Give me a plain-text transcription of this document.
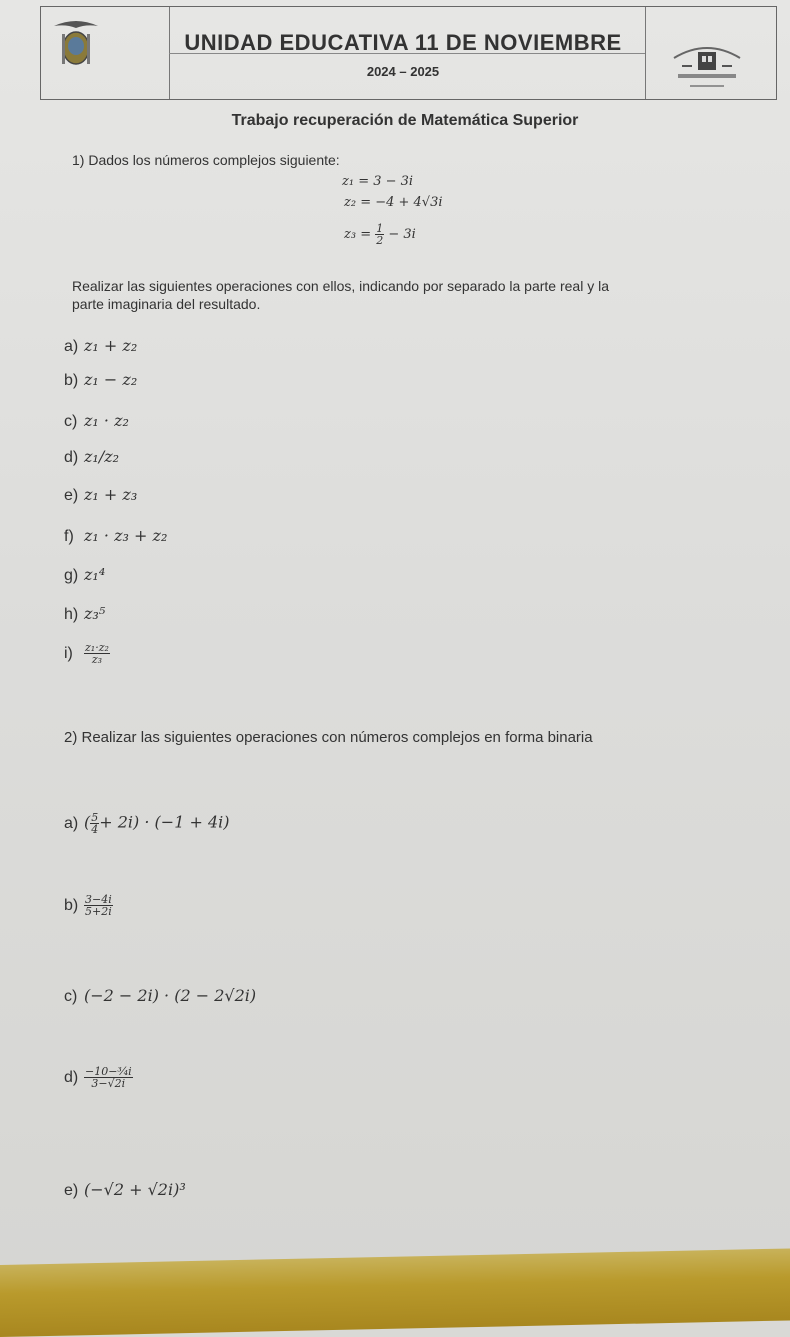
UNIDAD EDUCATIVA 11 DE NOVIEMBRE
2024 – 2025
Trabajo recuperación de Matemática Superior
1) Dados los números complejos siguiente:
z₁ = 3 − 3i
z₂ = −4 + 4√3i
$z_3 = \frac{1}{2} - 3i$
Realizar las siguientes operaciones con ellos, indicando por separado la parte real y la
parte imaginaria del resultado.
a) z₁ + z₂
b) z₁ − z₂
c) z₁ · z₂
d) z₁/z₂
e) z₁ + z₃
f) z₁ · z₃ + z₂
g) z₁⁴
h) z₃⁵
$i) \frac{\text{z₁·z₂}}{\text{z₃}}$
2) Realizar las siguientes operaciones con números complejos en forma binaria
a) ( $\frac{5}{4} + 2i) \cdot (-1 + 4i)$
$b) \frac{3-4i}{5+2i}$
c) (−2 − 2i) · (2 − 2√2i)
$d) \frac{\text{−10−³⁄₄i}}{3-√2i}$
e) (−√2 + √2i)³
